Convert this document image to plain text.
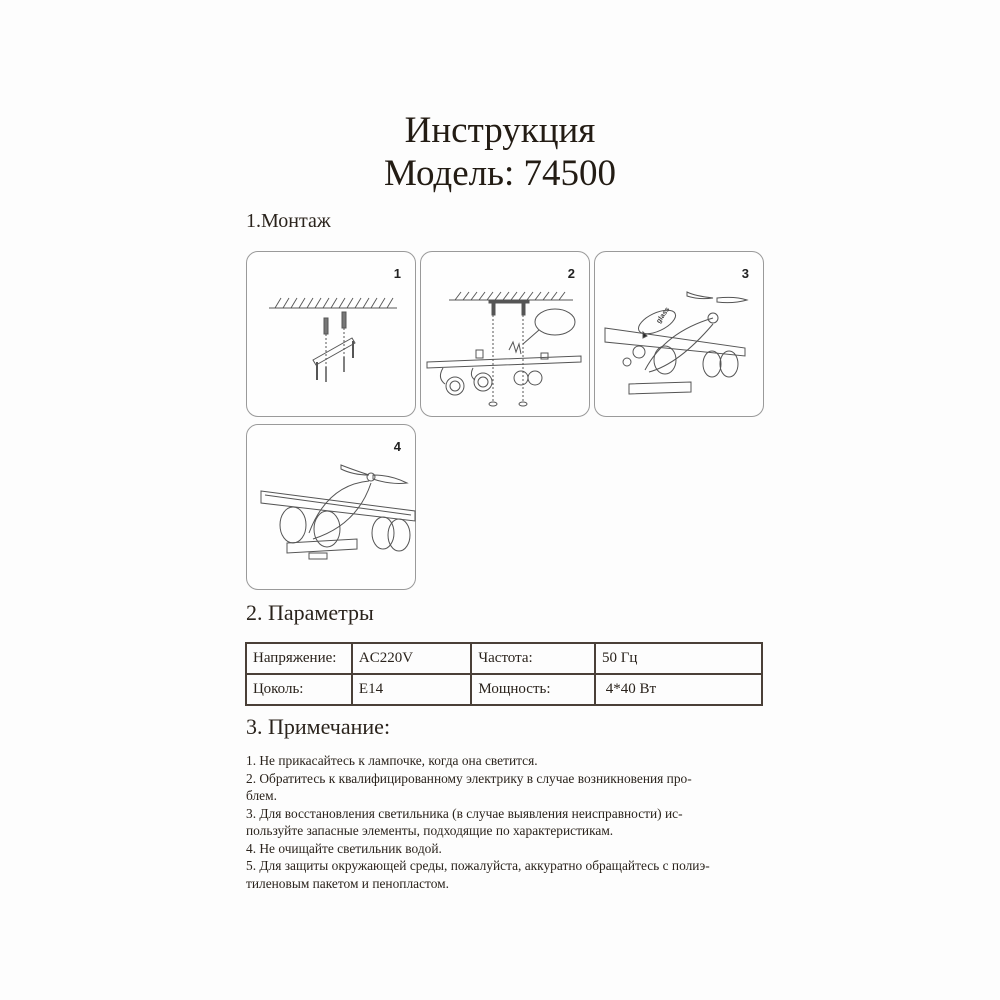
Инструкция
Модель: 74500
1.Монтаж
1	2	3
glass
4
2. Параметры
Напряжение:	AC220V	Частота:	50 Гц
Цоколь:	E14	Мощность:	4*40 Вт
3. Примечание:
1. Не прикасайтесь к лампочке, когда она светится.
2. Обратитесь к квалифицированному электрику в случае возникновения про-
блем.
3. Для восстановления светильника (в случае выявления неисправности) ис-
пользуйте запасные элементы, подходящие по характеристикам.
4. Не очищайте светильник водой.
5. Для защиты окружающей среды, пожалуйста, аккуратно обращайтесь с полиэ-
тиленовым пакетом и пенопластом.
